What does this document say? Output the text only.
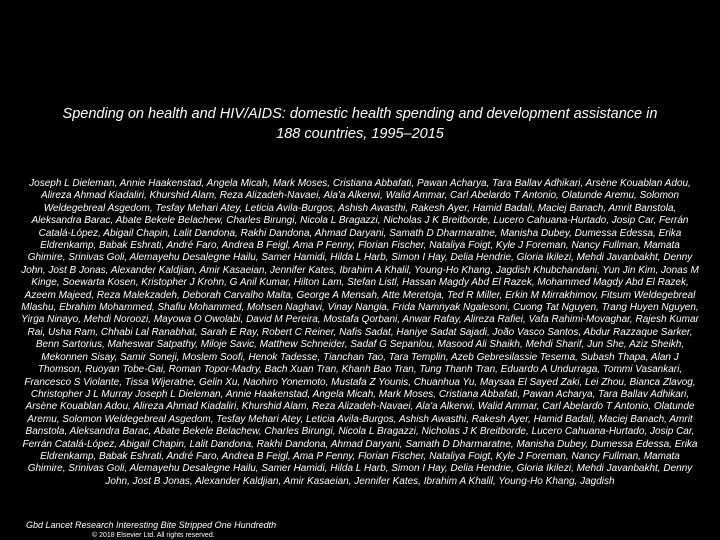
Spending on health and HIV/AIDS: domestic health spending and development assistance in 188 countries, 1995–2015

Joseph L Dieleman, Annie Haakenstad, Angela Micah, Mark Moses, Cristiana Abbafati, Pawan Acharya, Tara Ballav Adhikari, Arsène Kouablan Adou, Alireza Ahmad Kiadaliri, Khurshid Alam, Reza Alizadeh-Navaei, Ala'a Alkerwi, Walid Ammar, Carl Abelardo T Antonio, Olatunde Aremu, Solomon Weldegebreal Asgedom, Tesfay Mehari Atey, Leticia Avila-Burgos, Ashish Awasthi, Rakesh Ayer, Hamid Badali, Maciej Banach, Amrit Banstola, Aleksandra Barac, Abate Bekele Belachew, Charles Birungi, Nicola L Bragazzi, Nicholas J K Breitborde, Lucero Cahuana-Hurtado, Josip Car, Ferrán Catalá-López, Abigail Chapin, Lalit Dandona, Rakhi Dandona, Ahmad Daryani, Samath D Dharmaratne, Manisha Dubey, Dumessa Edessa, Erika Eldrenkamp, Babak Eshrati, André Faro, Andrea B Feigl, Ama P Fenny, Florian Fischer, Nataliya Foigt, Kyle J Foreman, Nancy Fullman, Mamata Ghimire, Srinivas Goli, Alemayehu Desalegne Hailu, Samer Hamidi, Hilda L Harb, Simon I Hay, Delia Hendrie, Gloria Ikilezi, Mehdi Javanbakht, Denny John, Jost B Jonas, Alexander Kaldjian, Amir Kasaeian, Jennifer Kates, Ibrahim A Khalil, Young-Ho Khang, Jagdish Khubchandani, Yun Jin Kim, Jonas M Kinge, Soewarta Kosen, Kristopher J Krohn, G Anil Kumar, Hilton Lam, Stefan Listl, Hassan Magdy Abd El Razek, Mohammed Magdy Abd El Razek, Azeem Majeed, Reza Malekzadeh, Deborah Carvalho Malta, George A Mensah, Atte Meretoja, Ted R Miller, Erkin M Mirrakhimov, Fitsum Weldegebreal Mlashu, Ebrahim Mohammed, Shafiu Mohammed, Mohsen Naghavi, Vinay Nangia, Frida Namnyak Ngalesoni, Cuong Tat Nguyen, Trang Huyen Nguyen, Yirga Ninayo, Mehdi Noroozi, Mayowa O Owolabi, David M Pereira, Mostafa Qorbani, Anwar Rafay, Alireza Rafiei, Vafa Rahimi-Movaghar, Rajesh Kumar Rai, Usha Ram, Chhabi Lal Ranabhat, Sarah E Ray, Robert C Reiner, Nafis Sadat, Haniye Sadat Sajadi, João Vasco Santos, Abdur Razzaque Sarker, Benn Sartorius, Maheswar Satpathy, Miloje Savic, Matthew Schneider, Sadaf G Sepanlou, Masood Ali Shaikh, Mehdi Sharif, Jun She, Aziz Sheikh, Mekonnen Sisay, Samir Soneji, Moslem Soofi, Henok Tadesse, Tianchan Tao, Tara Templin, Azeb Gebresilassie Tesema, Subash Thapa, Alan J Thomson, Ruoyan Tobe-Gai, Roman Topor-Madry, Bach Xuan Tran, Khanh Bao Tran, Tung Thanh Tran, Eduardo A Undurraga, Tommi Vasankari, Francesco S Violante, Tissa Wijeratne, Gelin Xu, Naohiro Yonemoto, Mustafa Z Younis, Chuanhua Yu, Maysaa El Sayed Zaki, Lei Zhou, Bianca Zlavog, Christopher J L Murray Joseph L Dieleman, Annie Haakenstad, Angela Micah, Mark Moses, Cristiana Abbafati, Pawan Acharya, Tara Ballav Adhikari, Arsène Kouablan Adou, Alireza Ahmad Kiadaliri, Khurshid Alam, Reza Alizadeh-Navaei, Ala'a Alkerwi, Walid Ammar, Carl Abelardo T Antonio, Olatunde Aremu, Solomon Weldegebreal Asgedom, Tesfay Mehari Atey, Leticia Avila-Burgos, Ashish Awasthi, Rakesh Ayer, Hamid Badali, Maciej Banach, Amrit Banstola, Aleksandra Barac, Abate Bekele Belachew, Charles Birungi, Nicola L Bragazzi, Nicholas J K Breitborde, Lucero Cahuana-Hurtado, Josip Car, Ferrán Catalá-López, Abigail Chapin, Lalit Dandona, Rakhi Dandona, Ahmad Daryani, Samath D Dharmaratne, Manisha Dubey, Dumessa Edessa, Erika Eldrenkamp, Babak Eshrati, André Faro, Andrea B Feigl, Ama P Fenny, Florian Fischer, Nataliya Foigt, Kyle J Foreman, Nancy Fullman, Mamata Ghimire, Srinivas Goli, Alemayehu Desalegne Hailu, Samer Hamidi, Hilda L Harb, Simon I Hay, Delia Hendrie, Gloria Ikilezi, Mehdi Javanbakht, Denny John, Jost B Jonas, Alexander Kaldjian, Amir Kasaeian, Jennifer Kates, Ibrahim A Khalil, Young-Ho Khang, Jagdish

Gbd Lancet Research Interesting Bite Stripped One Hundredth
© 2018 Elsevier Ltd. All rights reserved.
